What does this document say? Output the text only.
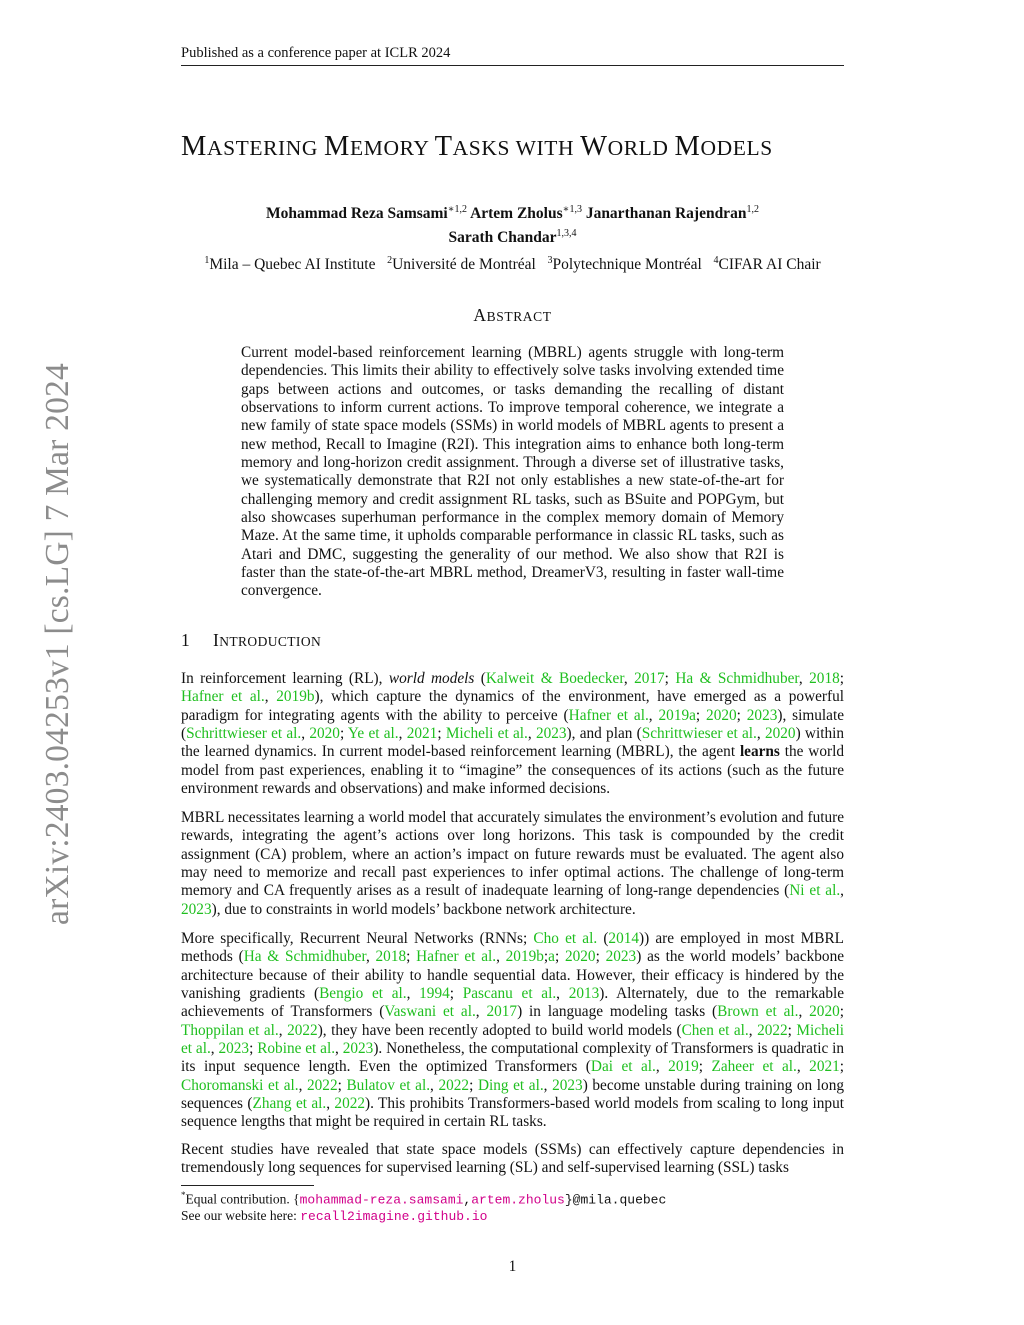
Published as a conference paper at ICLR 2024
MASTERING MEMORY TASKS WITH WORLD MODELS
Mohammad Reza Samsami$^{∗1,2}$ Artem Zholus$^{∗1,3}$ Janarthanan Rajendran$^{1,2}$
Sarath Chandar$^{1,3,4}$
$^1$Mila – Quebec AI Institute $^2$Université de Montréal $^3$Polytechnique Montréal $^4$CIFAR AI Chair
ABSTRACT
Current model-based reinforcement learning (MBRL) agents struggle with long-term dependencies. This limits their ability to effectively solve tasks involving extended time gaps between actions and outcomes, or tasks demanding the recalling of distant observations to inform current actions. To improve temporal coherence, we integrate a new family of state space models (SSMs) in world models of MBRL agents to present a new method, Recall to Imagine (R2I). This integration aims to enhance both long-term memory and long-horizon credit assignment. Through a diverse set of illustrative tasks, we systematically demonstrate that R2I not only establishes a new state-of-the-art for challenging memory and credit assignment RL tasks, such as BSuite and POPGym, but also showcases superhuman performance in the complex memory domain of Memory Maze. At the same time, it upholds comparable performance in classic RL tasks, such as Atari and DMC, suggesting the generality of our method. We also show that R2I is faster than the state-of-the-art MBRL method, DreamerV3, resulting in faster wall-time convergence.
1 INTRODUCTION
In reinforcement learning (RL), world models (Kalweit & Boedecker, 2017; Ha & Schmidhuber, 2018; Hafner et al., 2019b), which capture the dynamics of the environment, have emerged as a powerful paradigm for integrating agents with the ability to perceive (Hafner et al., 2019a; 2020; 2023), simulate (Schrittwieser et al., 2020; Ye et al., 2021; Micheli et al., 2023), and plan (Schrittwieser et al., 2020) within the learned dynamics. In current model-based reinforcement learning (MBRL), the agent learns the world model from past experiences, enabling it to “imagine” the consequences of its actions (such as the future environment rewards and observations) and make informed decisions.
MBRL necessitates learning a world model that accurately simulates the environment’s evolution and future rewards, integrating the agent’s actions over long horizons. This task is compounded by the credit assignment (CA) problem, where an action’s impact on future rewards must be evaluated. The agent also may need to memorize and recall past experiences to infer optimal actions. The challenge of long-term memory and CA frequently arises as a result of inadequate learning of long-range dependencies (Ni et al., 2023), due to constraints in world models’ backbone network architecture.
More specifically, Recurrent Neural Networks (RNNs; Cho et al. (2014)) are employed in most MBRL methods (Ha & Schmidhuber, 2018; Hafner et al., 2019b;a; 2020; 2023) as the world models’ backbone architecture because of their ability to handle sequential data. However, their efficacy is hindered by the vanishing gradients (Bengio et al., 1994; Pascanu et al., 2013). Alternately, due to the remarkable achievements of Transformers (Vaswani et al., 2017) in language modeling tasks (Brown et al., 2020; Thoppilan et al., 2022), they have been recently adopted to build world models (Chen et al., 2022; Micheli et al., 2023; Robine et al., 2023). Nonetheless, the computational complexity of Transformers is quadratic in its input sequence length. Even the optimized Transformers (Dai et al., 2019; Zaheer et al., 2021; Choromanski et al., 2022; Bulatov et al., 2022; Ding et al., 2023) become unstable during training on long sequences (Zhang et al., 2022). This prohibits Transformers-based world models from scaling to long input sequence lengths that might be required in certain RL tasks.
Recent studies have revealed that state space models (SSMs) can effectively capture dependencies in tremendously long sequences for supervised learning (SL) and self-supervised learning (SSL) tasks
*Equal contribution. {mohammad-reza.samsami,artem.zholus}@mila.quebec
See our website here: recall2imagine.github.io
1
arXiv:2403.04253v1 [cs.LG] 7 Mar 2024
